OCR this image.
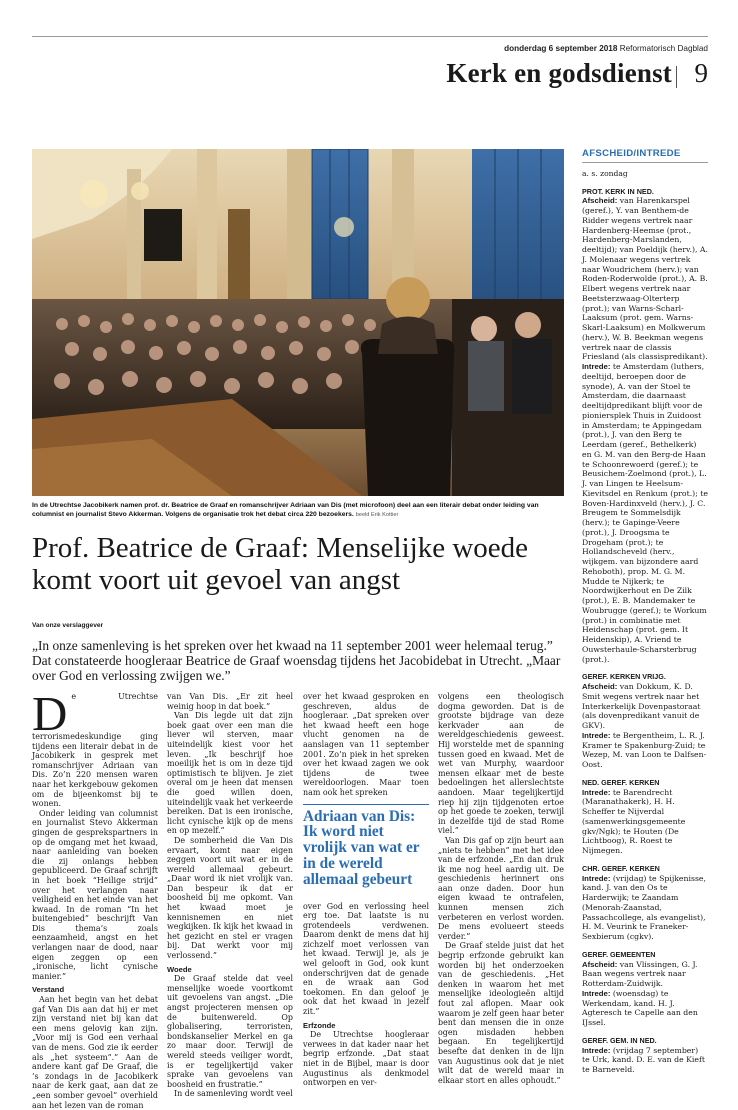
donderdag 6 september 2018 Reformatorisch Dagblad
Kerk en godsdienst 9
In de Utrechtse Jacobikerk namen prof. dr. Beatrice de Graaf en romanschrijver Adriaan van Dis (met microfoon) deel aan een literair debat onder leiding van columnist en journalist Stevo Akkerman. Volgens de organisatie trok het debat circa 220 bezoekers. beeld Erik Kottier
Prof. Beatrice de Graaf: Menselijke woede komt voort uit gevoel van angst
Van onze verslaggever
„In onze samenleving is het spreken over het kwaad na 11 september 2001 weer helemaal terug.” Dat constateerde hoogleraar Beatrice de Graaf woensdag tijdens het Jacobidebat in Utrecht. „Maar over God en verlossing zwijgen we.”
D e Utrechtse terrorismedeskundige ging tijdens een literair debat in de Jacobikerk in gesprek met romanschrijver Adriaan van Dis. Zo’n 220 mensen waren naar het kerkgebouw gekomen om de bijeenkomst bij te wonen.

Onder leiding van columnist en journalist Stevo Akkerman gingen de gesprekspartners in op de omgang met het kwaad, naar aanleiding van boeken die zij onlangs hebben gepubliceerd. De Graaf schrijft in het boek “Heilige strijd” over het verlangen naar veiligheid en het einde van het kwaad. In de roman “In het buitengebied” beschrijft Van Dis thema’s zoals eenzaamheid, angst en het verlangen naar de dood, naar eigen zeggen op een „ironische, licht cynische manier.”

Verstand

Aan het begin van het debat gaf Van Dis aan dat hij er met zijn verstand niet bij kan dat een mens gelovig kan zijn. „Voor mij is God een verhaal van de mens. God zie ik eerder als „het systeem”.” Aan de andere kant gaf De Graaf, die ’s zondags in de Jacobikerk naar de kerk gaat, aan dat ze „een somber gevoel” overhield aan het lezen van de roman

van Van Dis. „Er zit heel weinig hoop in dat boek.”

Van Dis legde uit dat zijn boek gaat over een man die liever wil sterven, maar uiteindelijk kiest voor het leven. „Ik beschrijf hoe moeilijk het is om in deze tijd optimistisch te blijven. Je ziet overal om je heen dat mensen die goed willen doen, uiteindelijk vaak het verkeerde bereiken. Dat is een ironische, licht cynische kijk op de mens en op mezelf.”

De somberheid die Van Dis ervaart, komt naar eigen zeggen voort uit wat er in de wereld allemaal gebeurt. „Daar word ik niet vrolijk van. Dan bespeur ik dat er boosheid bij me opkomt. Van het kwaad moet je kennisnemen en niet wegkijken. Ik kijk het kwaad in het gezicht en stel er vragen bij. Dat werkt voor mij verlossend.”

Woede

De Graaf stelde dat veel menselijke woede voortkomt uit gevoelens van angst. „Die angst projecteren mensen op de buitenwereld. Op globalisering, terroristen, bondskanselier Merkel en ga zo maar door. Terwijl de wereld steeds veiliger wordt, is er tegelijkertijd vaker sprake van gevoelens van boosheid en frustratie.”

In de samenleving wordt veel

over het kwaad gesproken en geschreven, aldus de hoogleraar. „Dat spreken over het kwaad heeft een hoge vlucht genomen na de aanslagen van 11 september 2001. Zo’n piek in het spreken over het kwaad zagen we ook tijdens de twee wereldoorlogen. Maar toen nam ook het spreken

Adriaan van Dis: Ik word niet vrolijk van wat er in de wereld allemaal gebeurt

over God en verlossing heel erg toe. Dat laatste is nu grotendeels verdwenen. Daarom denkt de mens dat hij zichzelf moet verlossen van het kwaad. Terwijl je, als je wel gelooft in God, ook kunt onderschrijven dat de genade en de wraak aan God toekomen. En dan geloof je ook dat het kwaad in jezelf zit.”

Erfzonde

De Utrechtse hoogleraar verwees in dat kader naar het begrip erfzonde. „Dat staat niet in de Bijbel, maar is door Augustinus als denkmodel ontworpen en ver-

volgens een theologisch dogma geworden. Dat is de grootste bijdrage van deze kerkvader aan de wereldgeschiedenis geweest. Hij worstelde met de spanning tussen goed en kwaad. Met de wet van Murphy, waardoor mensen elkaar met de beste bedoelingen het allerslechtste aandoen. Maar tegelijkertijd riep hij zijn tijdgenoten ertoe op het goede te zoeken, terwijl in dezelfde tijd de stad Rome viel.”

Van Dis gaf op zijn beurt aan „niets te hebben” met het idee van de erfzonde. „En dan druk ik me nog heel aardig uit. De geschiedenis herinnert ons aan onze daden. Door hun eigen kwaad te ontrafelen, kunnen mensen zich verbeteren en verlost worden. De mens evolueert steeds verder.”

De Graaf stelde juist dat het begrip erfzonde gebruikt kan worden bij het onderzoeken van de geschiedenis. „Het denken in waarom het met menselijke ideologieën altijd fout zal aflopen. Maar ook waarom je zelf geen haar beter bent dan mensen die in onze ogen misdaden hebben begaan. En tegelijkertijd besefte dat denken in de lijn van Augustinus ook dat je niet wilt dat de wereld maar in elkaar stort en alles ophoudt.”

AFSCHEID/INTREDE
a. s. zondag
PROT. KERK IN NED.

Afscheid: van Harenkarspel (geref.), Y. van Benthem-de Ridder wegens vertrek naar Hardenberg-Heemse (prot., Hardenberg-Marslanden, deeltijd); van Poeldijk (herv.), A. J. Molenaar wegens vertrek naar Woudrichem (herv.); van Roden-Roderwolde (prot.), A. B. Elbert wegens vertrek naar Beetsterzwaag-Olterterp (prot.); van Warns-Scharl-Laaksum (prot. gem. Warns-Skarl-Laaksum) en Molkwerum (herv.), W. B. Beekman wegens vertrek naar de classis Friesland (als classispredikant).

Intrede: te Amsterdam (luthers, deeltijd, beroepen door de synode), A. van der Stoel te Amsterdam, die daarnaast deeltijdpredikant blijft voor de pioniersplek Thuis in Zuidoost in Amsterdam; te Appingedam (prot.), J. van den Berg te Leerdam (geref., Bethelkerk) en G. M. van den Berg-de Haan te Schoonrewoerd (geref.); te Beusichem-Zoelmond (prot.), L. J. van Lingen te Heelsum-Kievitsdel en Renkum (prot.); te Boven-Hardinxveld (herv.), J. C. Breugem te Sommelsdijk (herv.); te Gapinge-Veere (prot.), J. Droogsma te Drogeham (prot.); te Hollandscheveld (herv., wijkgem. van bijzondere aard Rehoboth), prop. M. G. M. Mudde te Nijkerk; te Noordwijkerhout en De Zilk (prot.), E. B. Mandemaker te Woubrugge (geref.); te Workum (prot.) in combinatie met Heidenschap (prot. gem. It Heidenskip), A. Vriend te Ouwsterhaule-Scharsterbrug (prot.).

GEREF. KERKEN VRIJG.

Afscheid: van Dokkum, K. D. Smit wegens vertrek naar het Interkerkelijk Dovenpastoraat (als dovenpredikant vanuit de GKV).

Intrede: te Bergentheim, L. R. J. Kramer te Spakenburg-Zuid; te Wezep, M. van Loon te Dalfsen-Oost.

NED. GEREF. KERKEN

Intrede: te Barendrecht (Maranathakerk), H. H. Scheffer te Nijverdal (samenwerkingsgemeente gkv/Ngk); te Houten (De Lichtboog), R. Roest te Nijmegen.

CHR. GEREF. KERKEN

Intrede: (vrijdag) te Spijkenisse, kand. J. van den Os te Harderwijk; te Zaandam (Menorah-Zaanstad, Passachcollege, als evangelist), H. M. Veurink te Franeker-Sexbierum (cgkv).

GEREF. GEMEENTEN

Afscheid: van Vlissingen, G. J. Baan wegens vertrek naar Rotterdam-Zuidwijk.

Intrede: (woensdag) te Werkendam, kand. H. J. Agteresch te Capelle aan den IJssel.

GEREF. GEM. IN NED.

Intrede: (vrijdag 7 september) te Urk, kand. D. E. van de Kieft te Barneveld.
